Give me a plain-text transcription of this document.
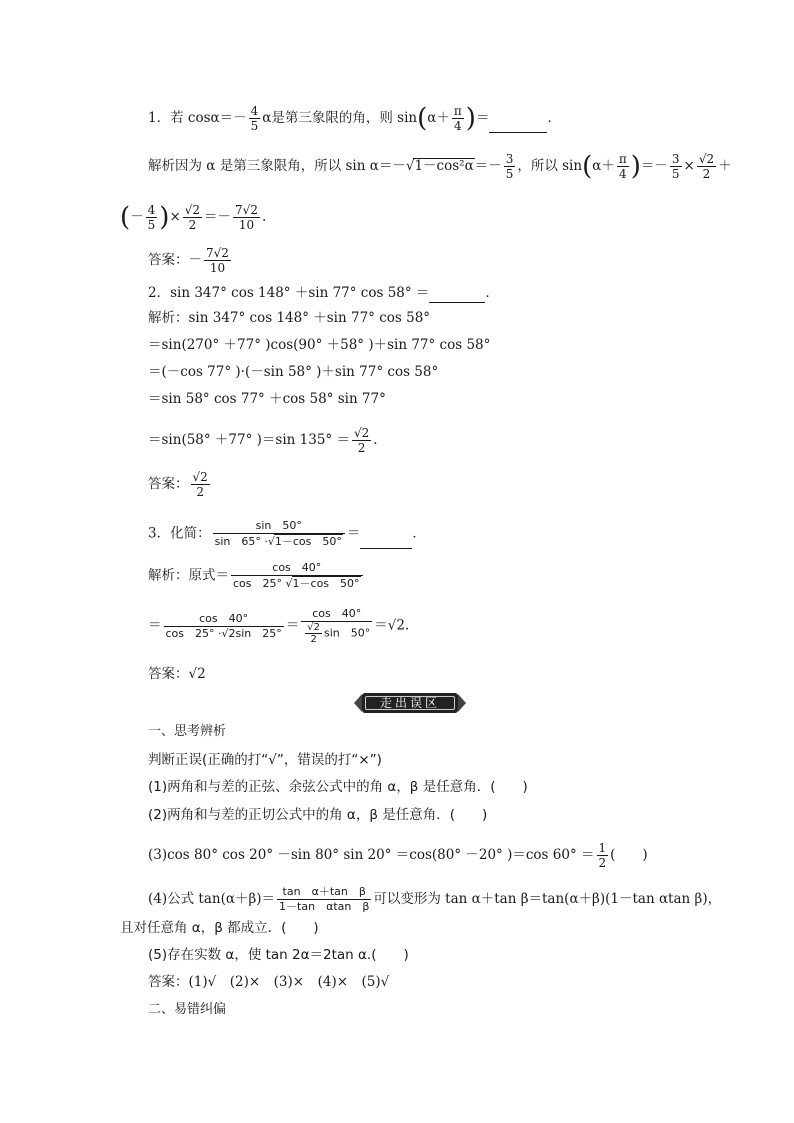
1．若 $\cos\alpha=- \frac{4}{5}$ α是第三象限的角，则 $\sin(\alpha+ \frac{\pi}{4}$ )＝	．
解析因为 α 是第三象限角，所以 $\sin \alpha=-√1-\cos^2\alpha=- \frac{3}{5}$ ，所以 $\sin(\alpha+ \frac{\pi}{4}$ )＝－ $\frac{3}{5} \times \frac{√2}{2}$ ＋
(－ $\frac{4}{5}$ )× $\frac{√2}{2} =- \frac{7√2}{10}$ .
答案：－ $\frac{7√2}{10}$
2．sin 347° cos 148° ＋sin 77° cos 58° ＝	．
解析：sin 347° cos 148° ＋sin 77° cos 58°
＝sin(270° ＋77° )cos(90° ＋58° )＋sin 77° cos 58°
＝(－cos 77° )·(－sin 58° )＋sin 77° cos 58°
＝sin 58° cos 77° ＋cos 58° sin 77°
＝sin(58° ＋77° )＝sin $135^\circ = \frac{√2}{2}$ .
答案： $\frac{√2}{2}$
3．化简： $\frac{\sin 50^\circ}{\sin 65^\circ \cdot√1-\cos 50^\circ}$ ＝	．
解析：原式＝ $\frac{\cos 40^\circ}{\cos 25^\circ √1-\cos 50^\circ}$
＝ $\frac{\cos 40^\circ}{\cos 25^\circ \cdot√2\sin 25^\circ} = \frac{\cos 40^\circ}{\frac{√2}{2} \sin 50^\circ} =√2$.
答案：√2
走出误区
一、思考辨析
判断正误(正确的打“√”，错误的打“×”)
(1)两角和与差的正弦、余弦公式中的角 α，β 是任意角．(　　)
(2)两角和与差的正切公式中的角 α，β 是任意角．(　　)
(3)cos 80° cos 20° －sin 80° sin 20° ＝cos(80° －20° )＝cos $60^\circ = \frac{1}{2}$ (　　)
(4)公式 $\tan(\alpha+\beta)= \frac{\text{tan　α＋tan　β}}{\text{1－tan　αtan　β}}$ 可以变形为 tan α＋tan β＝tan(α＋β)(1－tan αtan β)，
且对任意角 α，β 都成立．(　　)
(5)存在实数 α，使 tan 2α＝2tan α.(　　)
答案：(1)√　(2)×　(3)×　(4)×　(5)√
二、易错纠偏
